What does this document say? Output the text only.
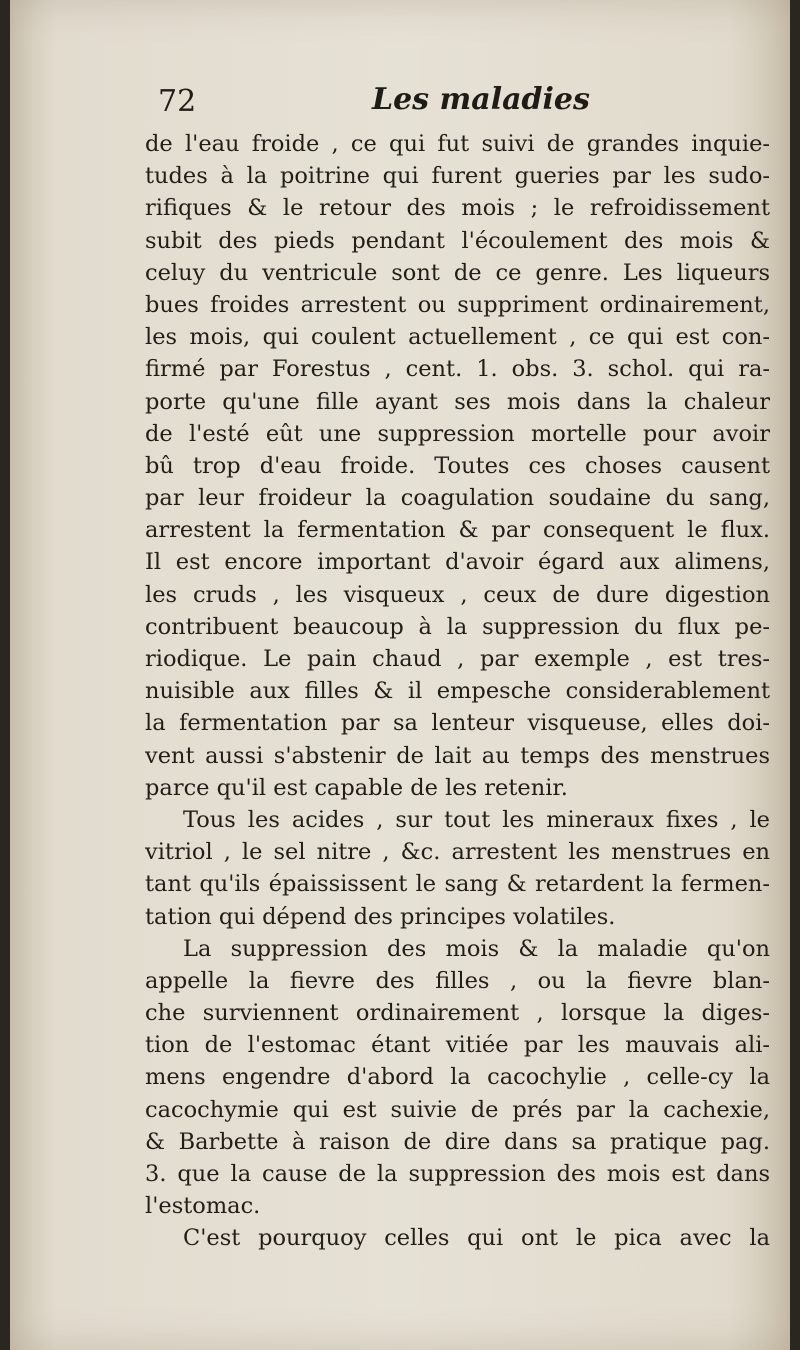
72	Les maladies
de l'eau froide , ce qui fut suivi de grandes inquie-
tudes à la poitrine qui furent gueries par les sudo-
rifiques & le retour des mois ; le refroidissement
subit des pieds pendant l'écoulement des mois &
celuy du ventricule sont de ce genre. Les liqueurs
bues froides arrestent ou suppriment ordinairement,
les mois, qui coulent actuellement , ce qui est con-
firmé par Forestus , cent. 1. obs. 3. schol. qui ra-
porte qu'une fille ayant ses mois dans la chaleur
de l'esté eût une suppression mortelle pour avoir
bû trop d'eau froide. Toutes ces choses causent
par leur froideur la coagulation soudaine du sang,
arrestent la fermentation & par consequent le flux.
Il est encore important d'avoir égard aux alimens,
les cruds , les visqueux , ceux de dure digestion
contribuent beaucoup à la suppression du flux pe-
riodique. Le pain chaud , par exemple , est tres-
nuisible aux filles & il empesche considerablement
la fermentation par sa lenteur visqueuse, elles doi-
vent aussi s'abstenir de lait au temps des menstrues
parce qu'il est capable de les retenir.
Tous les acides , sur tout les mineraux fixes , le
vitriol , le sel nitre , &c. arrestent les menstrues en
tant qu'ils épaississent le sang & retardent la fermen-
tation qui dépend des principes volatiles.
La suppression des mois & la maladie qu'on
appelle la fievre des filles , ou la fievre blan-
che surviennent ordinairement , lorsque la diges-
tion de l'estomac étant vitiée par les mauvais ali-
mens engendre d'abord la cacochylie , celle-cy la
cacochymie qui est suivie de prés par la cachexie,
& Barbette à raison de dire dans sa pratique pag.
3. que la cause de la suppression des mois est dans
l'estomac.
C'est pourquoy celles qui ont le pica avec la
